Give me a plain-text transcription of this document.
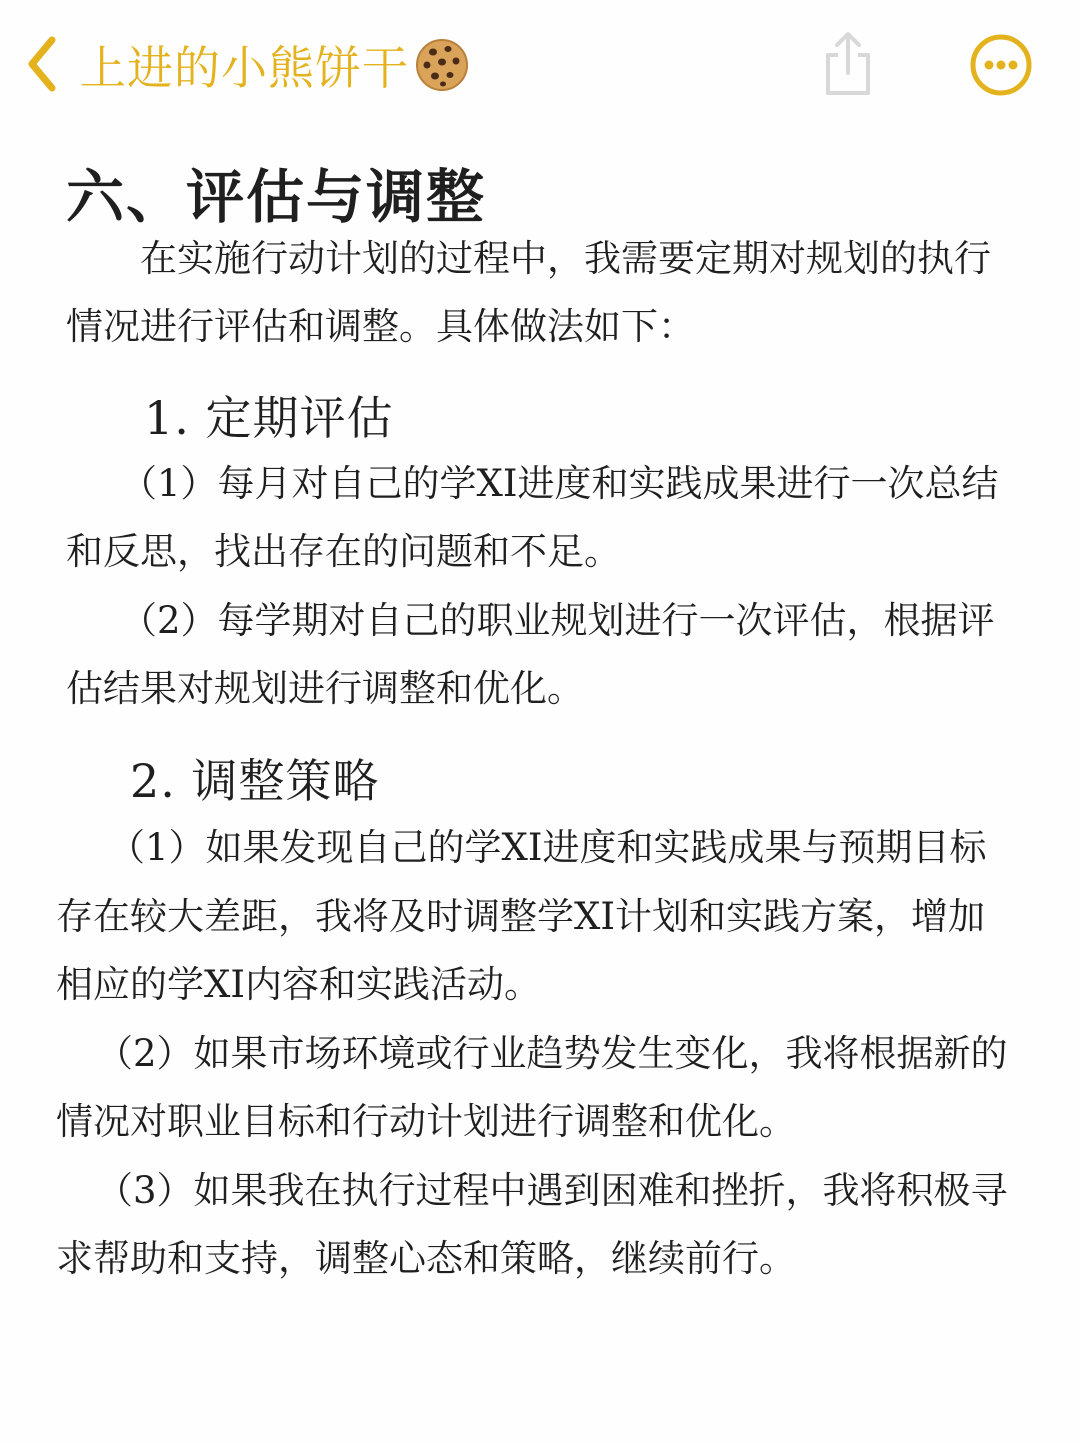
上进的小熊饼干
六、评估与调整
在实施行动计划的过程中，我需要定期对规划的执行
情况进行评估和调整。具体做法如下：
1. 定期评估
（1）每月对自己的学XI进度和实践成果进行一次总结
和反思，找出存在的问题和不足。
（2）每学期对自己的职业规划进行一次评估，根据评
估结果对规划进行调整和优化。
2. 调整策略
（1）如果发现自己的学XI进度和实践成果与预期目标
存在较大差距，我将及时调整学XI计划和实践方案，增加
相应的学XI内容和实践活动。
（2）如果市场环境或行业趋势发生变化，我将根据新的
情况对职业目标和行动计划进行调整和优化。
（3）如果我在执行过程中遇到困难和挫折，我将积极寻
求帮助和支持，调整心态和策略，继续前行。
